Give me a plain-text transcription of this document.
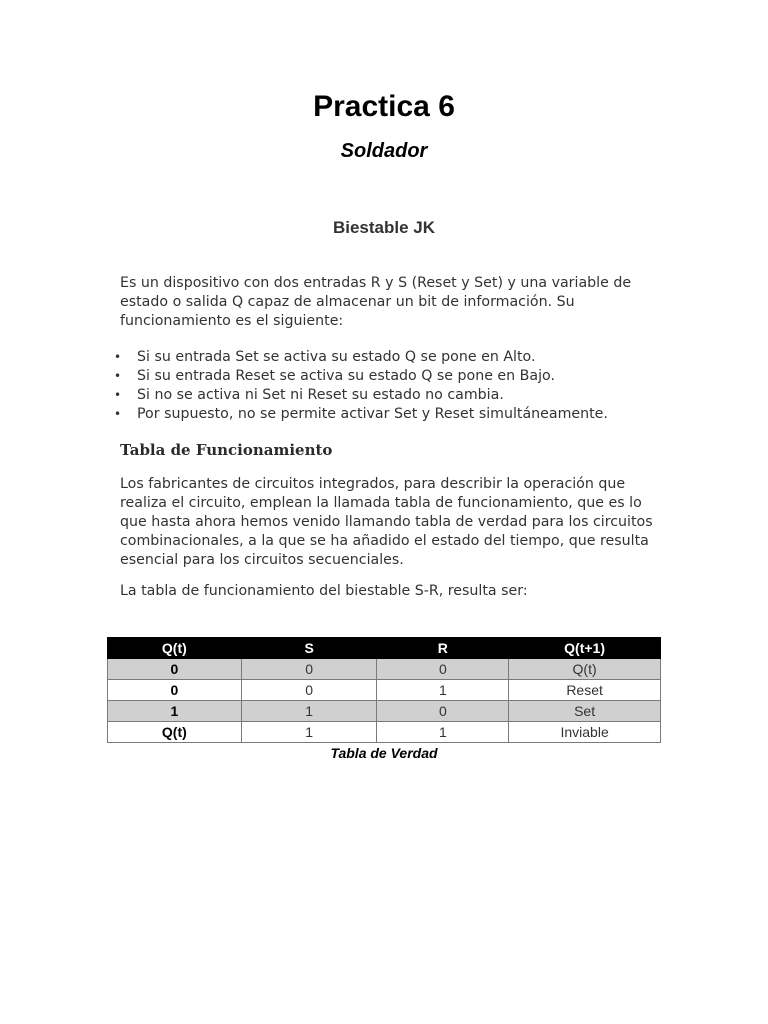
Practica 6
Soldador
Biestable JK

Es un dispositivo con dos entradas R y S (Reset y Set) y una variable de estado o salida Q capaz de almacenar un bit de información. Su funcionamiento es el siguiente:

• Si su entrada Set se activa su estado Q se pone en Alto.
• Si su entrada Reset se activa su estado Q se pone en Bajo.
• Si no se activa ni Set ni Reset su estado no cambia.
• Por supuesto, no se permite activar Set y Reset simultáneamente.
Tabla de Funcionamiento

Los fabricantes de circuitos integrados, para describir la operación que realiza el circuito, emplean la llamada tabla de funcionamiento, que es lo que hasta ahora hemos venido llamando tabla de verdad para los circuitos combinacionales, a la que se ha añadido el estado del tiempo, que resulta esencial para los circuitos secuenciales.

La tabla de funcionamiento del biestable S-R, resulta ser:

Q(t)	S	R	Q(t+1)
0	0	0	Q(t)
0	0	1	Reset
1	1	0	Set
Q(t)	1	1	Inviable
Tabla de Verdad
